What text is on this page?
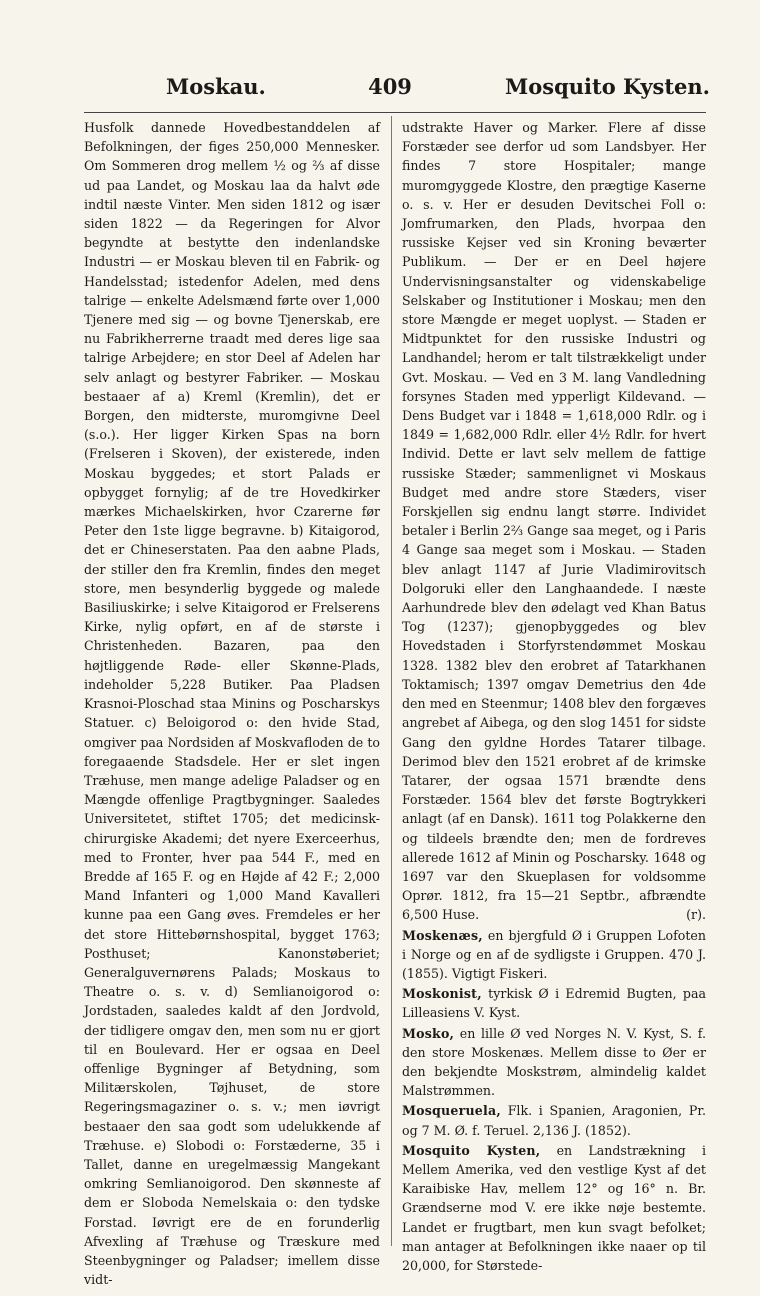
Moskau.	409	Mosquito Kysten.

Husfolk dannede Hovedbestanddelen af Befolkningen, der figes 250,000 Mennesker. Om Sommeren drog mellem ½ og ⅔ af disse ud paa Landet, og Moskau laa da halvt øde indtil næste Vinter. Men siden 1812 og især siden 1822 — da Regeringen for Alvor begyndte at bestytte den indenlandske Industri — er Moskau bleven til en Fabrik- og Handelsstad; istedenfor Adelen, med dens talrige — enkelte Adelsmænd førte over 1,000 Tjenere med sig — og bovne Tjenerskab, ere nu Fabrikherrerne traadt med deres lige saa talrige Arbejdere; en stor Deel af Adelen har selv anlagt og bestyrer Fabriker. — Moskau bestaaer af a) Kreml (Kremlin), det er Borgen, den midterste, muromgivne Deel (s.o.). Her ligger Kirken Spas na born (Frelseren i Skoven), der existerede, inden Moskau byggedes; et stort Palads er opbygget fornylig; af de tre Hovedkirker mærkes Michaelskirken, hvor Czarerne før Peter den 1ste ligge begravne. b) Kitaigorod, det er Chineserstaten. Paa den aabne Plads, der stiller den fra Kremlin, findes den meget store, men besynderlig byggede og malede Basiliuskirke; i selve Kitaigorod er Frelserens Kirke, nylig opført, en af de største i Christenheden. Bazaren, paa den højtliggende Røde- eller Skønne-Plads, indeholder 5,228 Butiker. Paa Pladsen Krasnoi-Ploschad staa Minins og Poscharskys Statuer. c) Beloigorod o: den hvide Stad, omgiver paa Nordsiden af Moskvafloden de to foregaaende Stadsdele. Her er slet ingen Træhuse, men mange adelige Paladser og en Mængde offenlige Pragtbygninger. Saaledes Universitetet, stiftet 1705; det medicinsk-chirurgiske Akademi; det nyere Exerceerhus, med to Fronter, hver paa 544 F., med en Bredde af 165 F. og en Højde af 42 F.; 2,000 Mand Infanteri og 1,000 Mand Kavalleri kunne paa een Gang øves. Fremdeles er her det store Hittebørnshospital, bygget 1763; Posthuset; Kanonstøberiet; Generalguvernørens Palads; Moskaus to Theatre o. s. v. d) Semlianoigorod o: Jordstaden, saaledes kaldt af den Jordvold, der tidligere omgav den, men som nu er gjort til en Boulevard. Her er ogsaa en Deel offenlige Bygninger af Betydning, som Militærskolen, Tøjhuset, de store Regeringsmagaziner o. s. v.; men iøvrigt bestaaer den saa godt som udelukkende af Træhuse. e) Slobodi o: Forstæderne, 35 i Tallet, danne en uregelmæssig Mangekant omkring Semlianoigorod. Den skønneste af dem er Sloboda Nemelskaia o: den tydske Forstad. Iøvrigt ere de en forunderlig Afvexling af Træhuse og Træskure med Steenbygninger og Paladser; imellem disse vidt-

udstrakte Haver og Marker. Flere af disse Forstæder see derfor ud som Landsbyer. Her findes 7 store Hospitaler; mange muromgyggede Klostre, den prægtige Kaserne o. s. v. Her er desuden Devitschei Foll o: Jomfrumarken, den Plads, hvorpaa den russiske Kejser ved sin Kroning beværter Publikum. — Der er en Deel højere Undervisningsanstalter og videnskabelige Selskaber og Institutioner i Moskau; men den store Mængde er meget uoplyst. — Staden er Midtpunktet for den russiske Industri og Landhandel; herom er talt tilstrækkeligt under Gvt. Moskau. — Ved en 3 M. lang Vandledning forsynes Staden med ypperligt Kildevand. — Dens Budget var i 1848 = 1,618,000 Rdlr. og i 1849 = 1,682,000 Rdlr. eller 4½ Rdlr. for hvert Individ. Dette er lavt selv mellem de fattige russiske Stæder; sammenlignet vi Moskaus Budget med andre store Stæders, viser Forskjellen sig endnu langt større. Individet betaler i Berlin 2⅔ Gange saa meget, og i Paris 4 Gange saa meget som i Moskau. — Staden blev anlagt 1147 af Jurie Vladimirovitsch Dolgoruki eller den Langhaandede. I næste Aarhundrede blev den ødelagt ved Khan Batus Tog (1237); gjenopbyggedes og blev Hovedstaden i Storfyrstendømmet Moskau 1328. 1382 blev den erobret af Tatarkhanen Toktamisch; 1397 omgav Demetrius den 4de den med en Steenmur; 1408 blev den forgæves angrebet af Aibega, og den slog 1451 for sidste Gang den gyldne Hordes Tatarer tilbage. Derimod blev den 1521 erobret af de krimske Tatarer, der ogsaa 1571 brændte dens Forstæder. 1564 blev det første Bogtrykkeri anlagt (af en Dansk). 1611 tog Polakkerne den og tildeels brændte den; men de fordreves allerede 1612 af Minin og Poscharsky. 1648 og 1697 var den Skueplasen for voldsomme Oprør. 1812, fra 15—21 Septbr., afbrændte 6,500 Huse.	(r).

Moskenæs, en bjergfuld Ø i Gruppen Lofoten i Norge og en af de sydligste i Gruppen. 470 J. (1855). Vigtigt Fiskeri.

Moskonist, tyrkisk Ø i Edremid Bugten, paa Lilleasiens V. Kyst.

Mosko, en lille Ø ved Norges N. V. Kyst, S. f. den store Moskenæs. Mellem disse to Øer er den bekjendte Moskstrøm, almindelig kaldet Malstrømmen.

Mosqueruela, Flk. i Spanien, Aragonien, Pr. og 7 M. Ø. f. Teruel. 2,136 J. (1852).

Mosquito Kysten, en Landstrækning i Mellem Amerika, ved den vestlige Kyst af det Karaibiske Hav, mellem 12° og 16° n. Br. Grændserne mod V. ere ikke nøje bestemte. Landet er frugtbart, men kun svagt befolket; man antager at Befolkningen ikke naaer op til 20,000, for Størstede-
